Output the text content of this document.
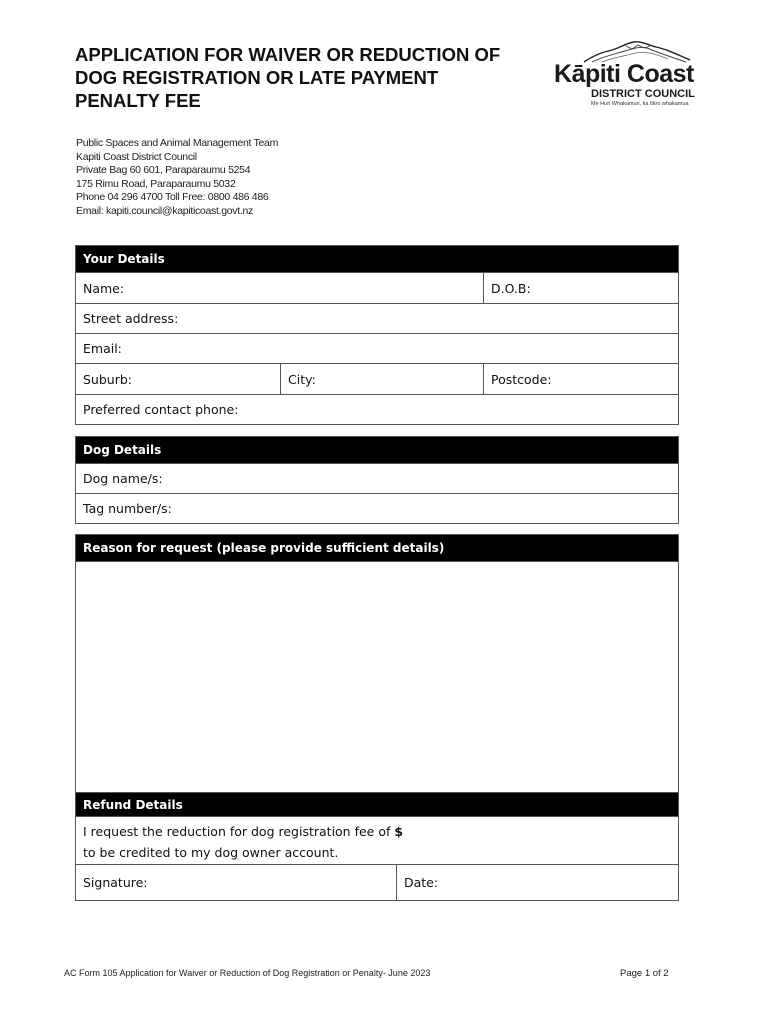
APPLICATION FOR WAIVER OR REDUCTION OF
DOG REGISTRATION OR LATE PAYMENT
PENALTY FEE
Kāpiti Coast
DISTRICT COUNCIL
Me Huri Whakamuri, ka titiro whakamua
Public Spaces and Animal Management Team
Kapiti Coast District Council
Private Bag 60 601, Paraparaumu 5254
175 Rimu Road, Paraparaumu 5032
Phone 04 296 4700 Toll Free: 0800 486 486
Email: kapiti.council@kapiticoast.govt.nz
Your Details
Name:	D.O.B:
Street address:
Email:
Suburb:	City:	Postcode:
Preferred contact phone:
Dog Details
Dog name/s:
Tag number/s:
Reason for request (please provide sufficient details)
Refund Details
I request the reduction for dog registration fee of $
to be credited to my dog owner account.
Signature:	Date:
AC Form 105 Application for Waiver or Reduction of Dog Registration or Penalty- June 2023	Page 1 of 2
